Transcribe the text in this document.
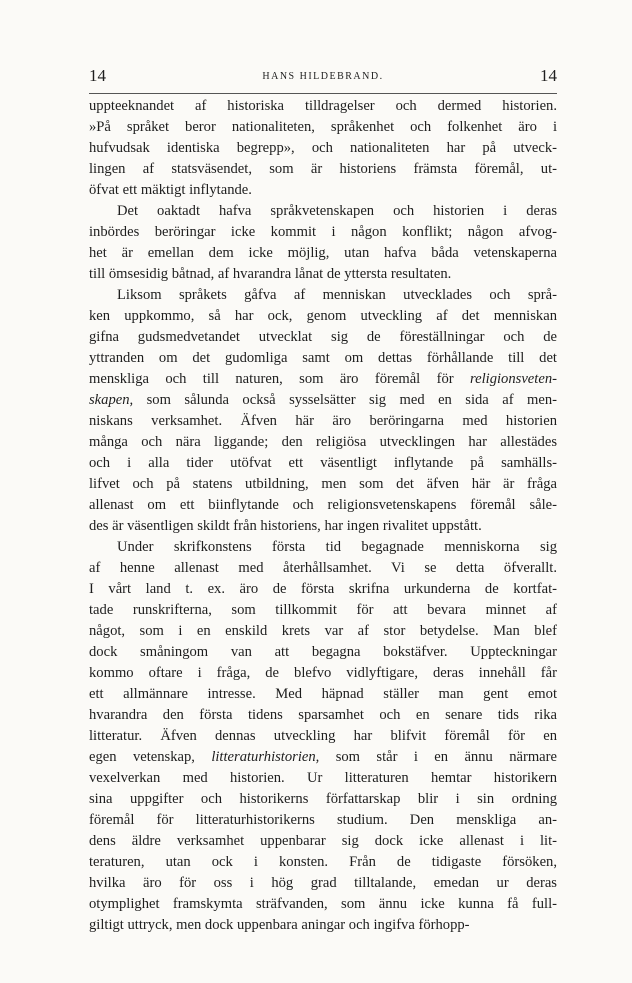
14	HANS HILDEBRAND.	14

uppteeknandet af historiska tilldragelser och dermed historien.
»På språket beror nationaliteten, språkenhet och folkenhet äro i
hufvudsak identiska begrepp», och nationaliteten har på utveck-
lingen af statsväsendet, som är historiens främsta föremål, ut-
öfvat ett mäktigt inflytande.

Det oaktadt hafva språkvetenskapen och historien i deras
inbördes beröringar icke kommit i någon konflikt; någon afvog-
het är emellan dem icke möjlig, utan hafva båda vetenskaperna
till ömsesidig båtnad, af hvarandra lånat de yttersta resultaten.

Liksom språkets gåfva af menniskan utvecklades och språ-
ken uppkommo, så har ock, genom utveckling af det menniskan
gifna gudsmedvetandet utvecklat sig de föreställningar och de
yttranden om det gudomliga samt om dettas förhållande till det
menskliga och till naturen, som äro föremål för religionsveten-
skapen, som sålunda också sysselsätter sig med en sida af men-
niskans verksamhet. Äfven här äro beröringarna med historien
många och nära liggande; den religiösa utvecklingen har allestädes
och i alla tider utöfvat ett väsentligt inflytande på samhälls-
lifvet och på statens utbildning, men som det äfven här är fråga
allenast om ett biinflytande och religionsvetenskapens föremål såle-
des är väsentligen skildt från historiens, har ingen rivalitet uppstått.

Under skrifkonstens första tid begagnade menniskorna sig
af henne allenast med återhållsamhet. Vi se detta öfverallt.
I vårt land t. ex. äro de första skrifna urkunderna de kortfat-
tade runskrifterna, som tillkommit för att bevara minnet af
något, som i en enskild krets var af stor betydelse. Man blef
dock småningom van att begagna bokstäfver. Uppteckningar
kommo oftare i fråga, de blefvo vidlyftigare, deras innehåll får
ett allmännare intresse. Med häpnad ställer man gent emot
hvarandra den första tidens sparsamhet och en senare tids rika
litteratur. Äfven dennas utveckling har blifvit föremål för en
egen vetenskap, litteraturhistorien, som står i en ännu närmare
vexelverkan med historien. Ur litteraturen hemtar historikern
sina uppgifter och historikerns författarskap blir i sin ordning
föremål för litteraturhistorikerns studium. Den menskliga an-
dens äldre verksamhet uppenbarar sig dock icke allenast i lit-
teraturen, utan ock i konsten. Från de tidigaste försöken,
hvilka äro för oss i hög grad tilltalande, emedan ur deras
otymplighet framskymta sträfvanden, som ännu icke kunna få full-
giltigt uttryck, men dock uppenbara aningar och ingifva förhopp-
